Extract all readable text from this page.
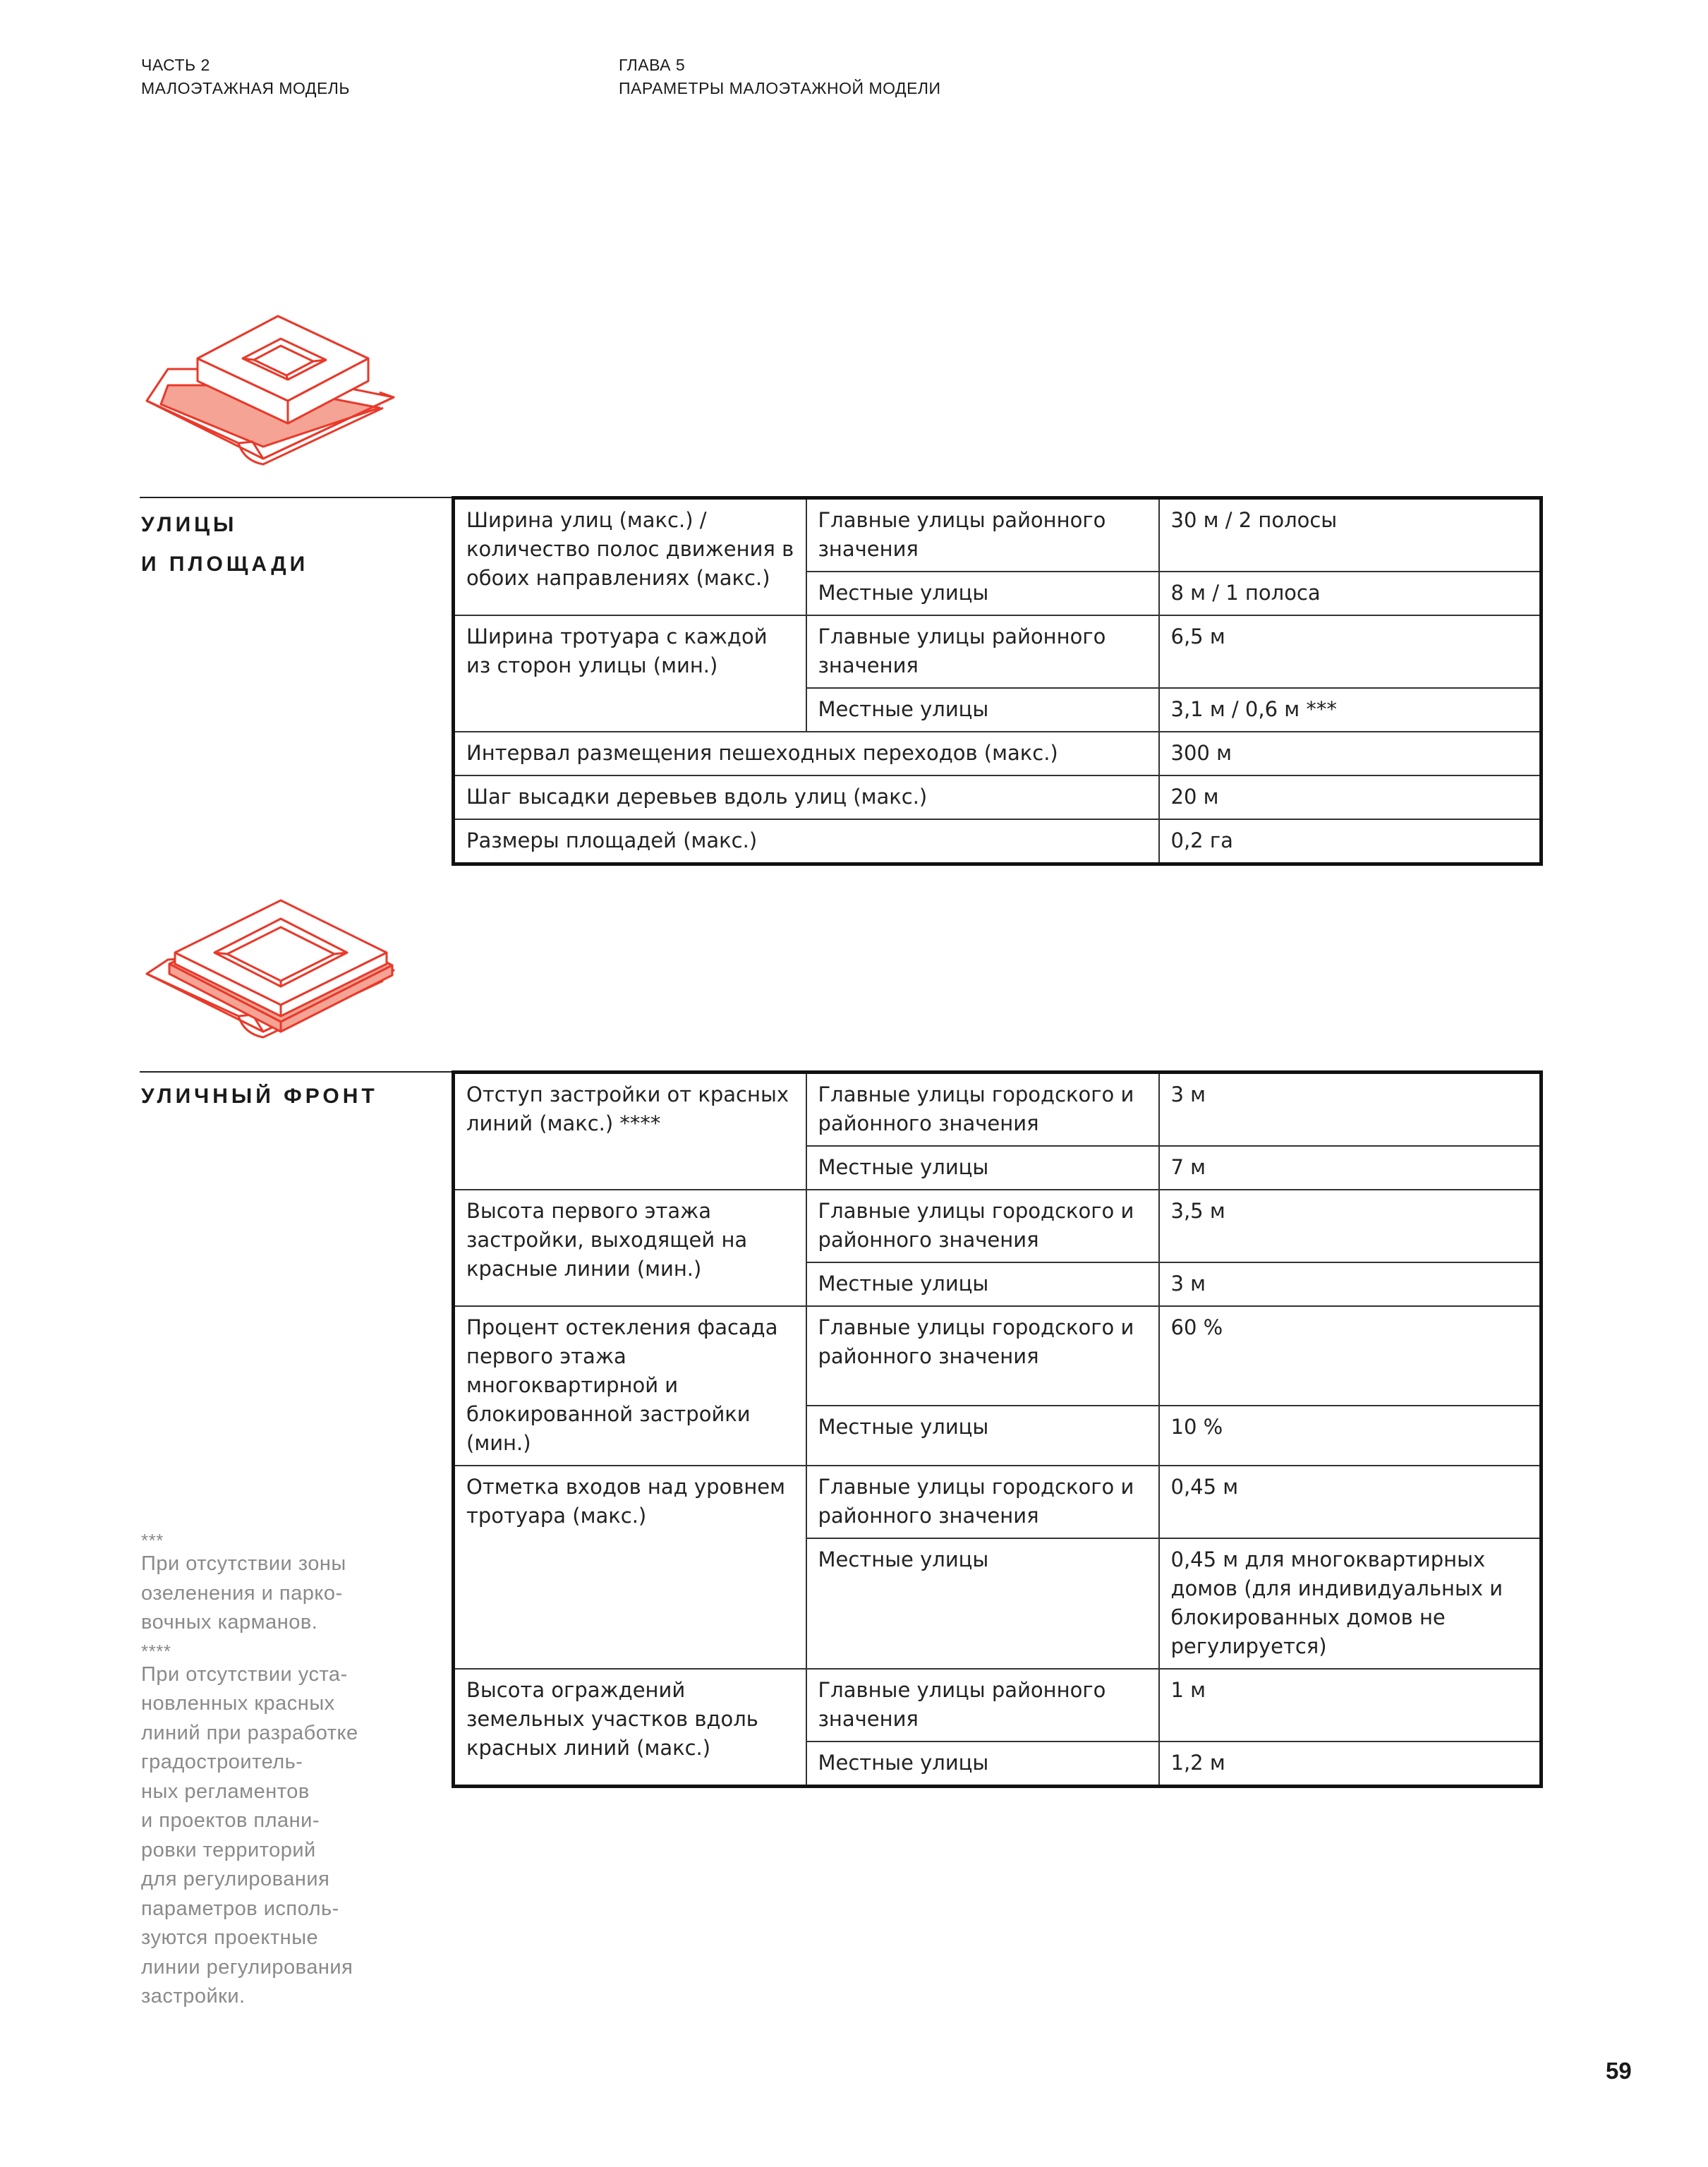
ЧАСТЬ 2
МАЛОЭТАЖНАЯ МОДЕЛЬ
ГЛАВА 5
ПАРАМЕТРЫ МАЛОЭТАЖНОЙ МОДЕЛИ
УЛИЦЫ
И ПЛОЩАДИ
Ширина улиц (макс.) / количество полос движения в обоих направлениях (макс.)	Главные улицы районного значения	30 м / 2 полосы
	Местные улицы	8 м / 1 полоса
Ширина тротуара с каждой из сторон улицы (мин.)	Главные улицы районного значения	6,5 м
	Местные улицы	3,1 м / 0,6 м ***
Интервал размещения пешеходных переходов (макс.)		300 м
Шаг высадки деревьев вдоль улиц (макс.)		20 м
Размеры площадей (макс.)		0,2 га
УЛИЧНЫЙ ФРОНТ	Отступ застройки от красных линий (макс.) ****	Главные улицы городского и районного значения	3 м
	Местные улицы	7 м
Высота первого этажа застройки, выходящей на красные линии (мин.)	Главные улицы городского и районного значения	3,5 м
	Местные улицы	3 м
Процент остекления фасада первого этажа многоквартирной и блокированной застройки (мин.)	Главные улицы городского и районного значения	60 %
	Местные улицы	10 %
Отметка входов над уровнем тротуара (макс.)	Главные улицы городского и районного значения	0,45 м
	Местные улицы	0,45 м для многоквартирных домов (для индивидуальных и блокированных домов не регулируется)
Высота ограждений земельных участков вдоль красных линий (макс.)	Главные улицы районного значения	1 м
	Местные улицы	1,2 м
***
При отсутствии зоны
озеленения и парко-
вочных карманов.
****
При отсутствии уста-
новленных красных
линий при разработке
градостроитель-
ных регламентов
и проектов плани-
ровки территорий
для регулирования
параметров исполь-
зуются проектные
линии регулирования
застройки.
59
